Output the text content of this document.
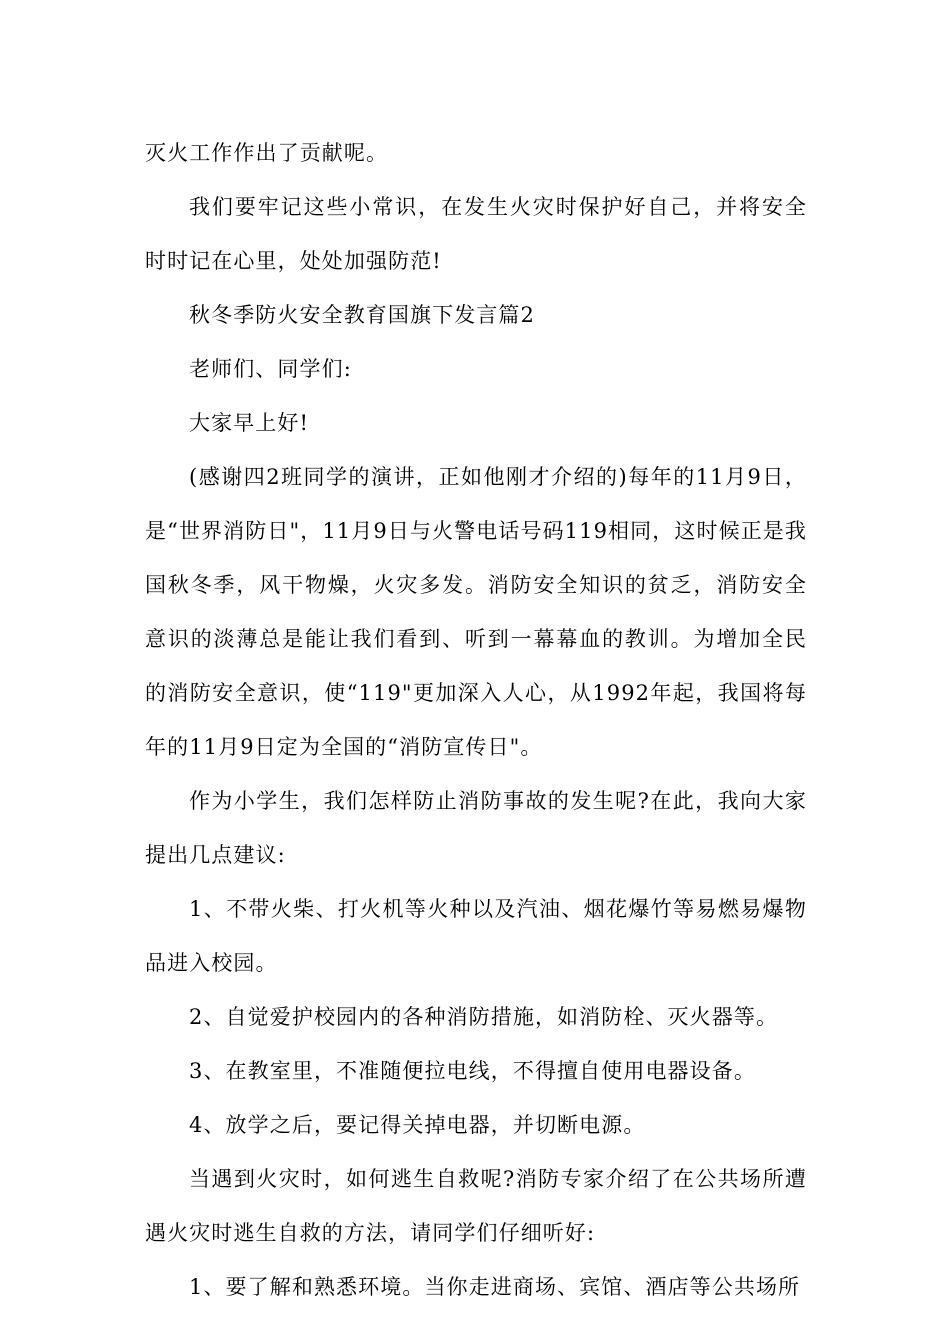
灭火工作作出了贡献呢。

我们要牢记这些小常识，在发生火灾时保护好自己，并将安全时时记在心里，处处加强防范!

秋冬季防火安全教育国旗下发言篇2

老师们、同学们:

大家早上好!

(感谢四2班同学的演讲，正如他刚才介绍的)每年的11月9日，是“世界消防日"，11月9日与火警电话号码119相同，这时候正是我国秋冬季，风干物燥，火灾多发。消防安全知识的贫乏，消防安全意识的淡薄总是能让我们看到、听到一幕幕血的教训。为增加全民的消防安全意识，使“119"更加深入人心，从1992年起，我国将每年的11月9日定为全国的“消防宣传日"。

作为小学生，我们怎样防止消防事故的发生呢?在此，我向大家提出几点建议:

1、不带火柴、打火机等火种以及汽油、烟花爆竹等易燃易爆物品进入校园。

2、自觉爱护校园内的各种消防措施，如消防栓、灭火器等。

3、在教室里，不准随便拉电线，不得擅自使用电器设备。

4、放学之后，要记得关掉电器，并切断电源。

当遇到火灾时，如何逃生自救呢?消防专家介绍了在公共场所遭遇火灾时逃生自救的方法，请同学们仔细听好:

1、要了解和熟悉环境。当你走进商场、宾馆、酒店等公共场所
